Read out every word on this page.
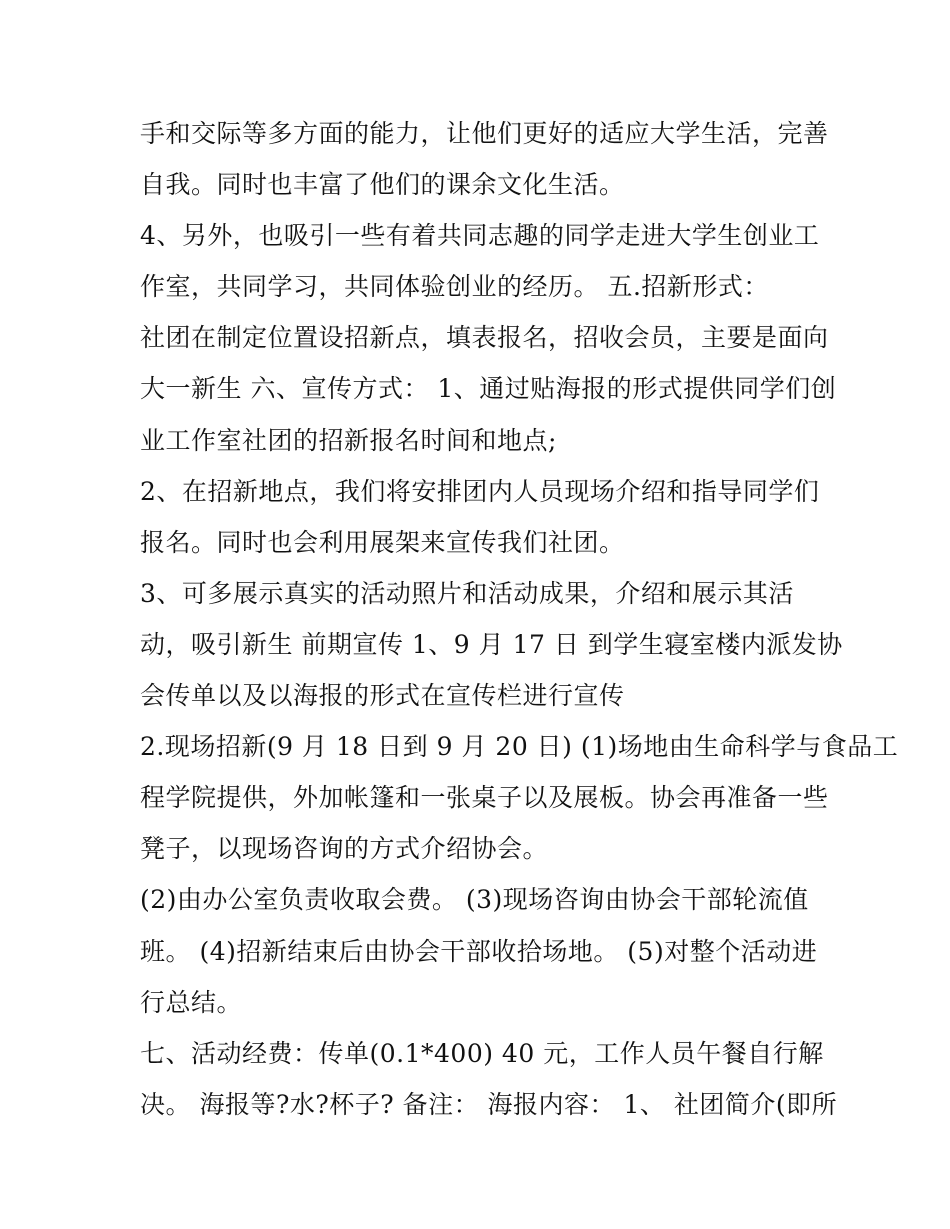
手和交际等多方面的能力，让他们更好的适应大学生活，完善
自我。同时也丰富了他们的课余文化生活。
4、另外，也吸引一些有着共同志趣的同学走进大学生创业工
作室，共同学习，共同体验创业的经历。 五.招新形式：
社团在制定位置设招新点，填表报名，招收会员，主要是面向
大一新生 六、宣传方式： 1、通过贴海报的形式提供同学们创
业工作室社团的招新报名时间和地点;
2、在招新地点，我们将安排团内人员现场介绍和指导同学们
报名。同时也会利用展架来宣传我们社团。
3、可多展示真实的活动照片和活动成果，介绍和展示其活
动，吸引新生 前期宣传 1、9 月 17 日 到学生寝室楼内派发协
会传单以及以海报的形式在宣传栏进行宣传
2.现场招新(9 月 18 日到 9 月 20 日) (1)场地由生命科学与食品工
程学院提供，外加帐篷和一张桌子以及展板。协会再准备一些
凳子，以现场咨询的方式介绍协会。
(2)由办公室负责收取会费。 (3)现场咨询由协会干部轮流值
班。 (4)招新结束后由协会干部收拾场地。 (5)对整个活动进
行总结。
七、活动经费：传单(0.1*400) 40 元，工作人员午餐自行解
决。 海报等?水?杯子? 备注： 海报内容： 1、 社团简介(即所
